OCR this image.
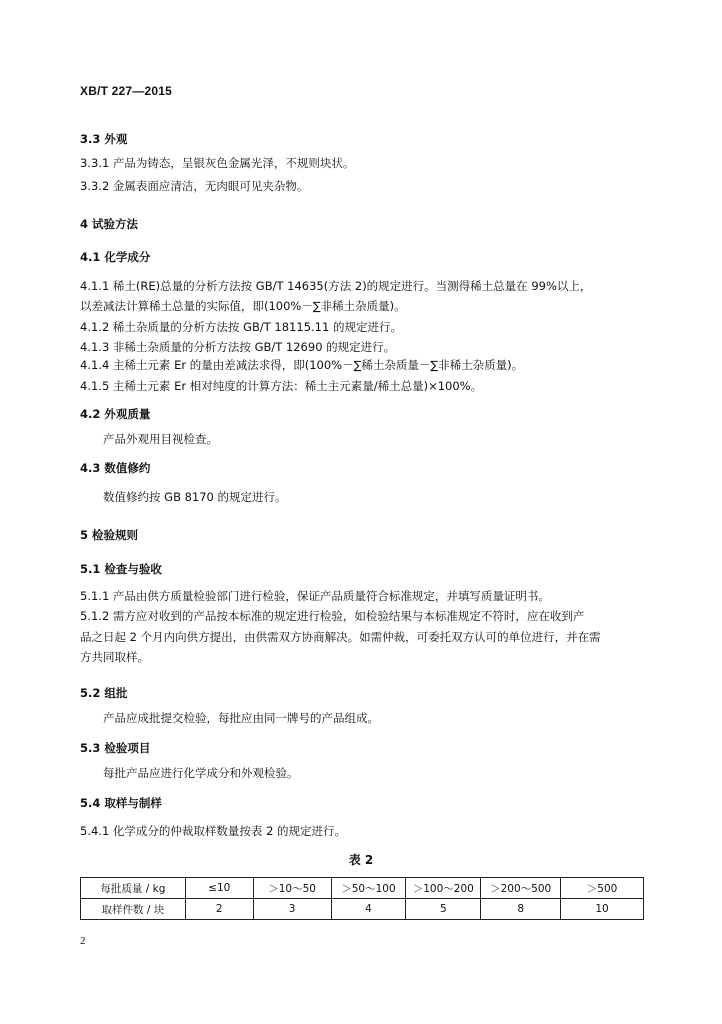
XB/T 227—2015
3.3 外观
3.3.1 产品为铸态，呈银灰色金属光泽，不规则块状。
3.3.2 金属表面应清洁，无肉眼可见夹杂物。
4 试验方法
4.1 化学成分
4.1.1 稀土(RE)总量的分析方法按 GB/T 14635(方法 2)的规定进行。当测得稀土总量在 99%以上，
以差减法计算稀土总量的实际值，即(100%－∑非稀土杂质量)。
4.1.2 稀土杂质量的分析方法按 GB/T 18115.11 的规定进行。
4.1.3 非稀土杂质量的分析方法按 GB/T 12690 的规定进行。
4.1.4 主稀土元素 Er 的量由差减法求得，即(100%－∑稀土杂质量－∑非稀土杂质量)。
4.1.5 主稀土元素 Er 相对纯度的计算方法：稀土主元素量/稀土总量)×100%。
4.2 外观质量
产品外观用目视检查。
4.3 数值修约
数值修约按 GB 8170 的规定进行。
5 检验规则
5.1 检查与验收
5.1.1 产品由供方质量检验部门进行检验，保证产品质量符合标准规定，并填写质量证明书。
5.1.2 需方应对收到的产品按本标准的规定进行检验，如检验结果与本标准规定不符时，应在收到产
品之日起 2 个月内向供方提出，由供需双方协商解决。如需仲裁，可委托双方认可的单位进行，并在需
方共同取样。
5.2 组批
产品应成批提交检验，每批应由同一牌号的产品组成。
5.3 检验项目
每批产品应进行化学成分和外观检验。
5.4 取样与制样
5.4.1 化学成分的仲裁取样数量按表 2 的规定进行。
表 2
每批质量 / kg	≤10	＞10～50	＞50～100	＞100～200	＞200～500	＞500
取样件数 / 块	2	3	4	5	8	10
2
